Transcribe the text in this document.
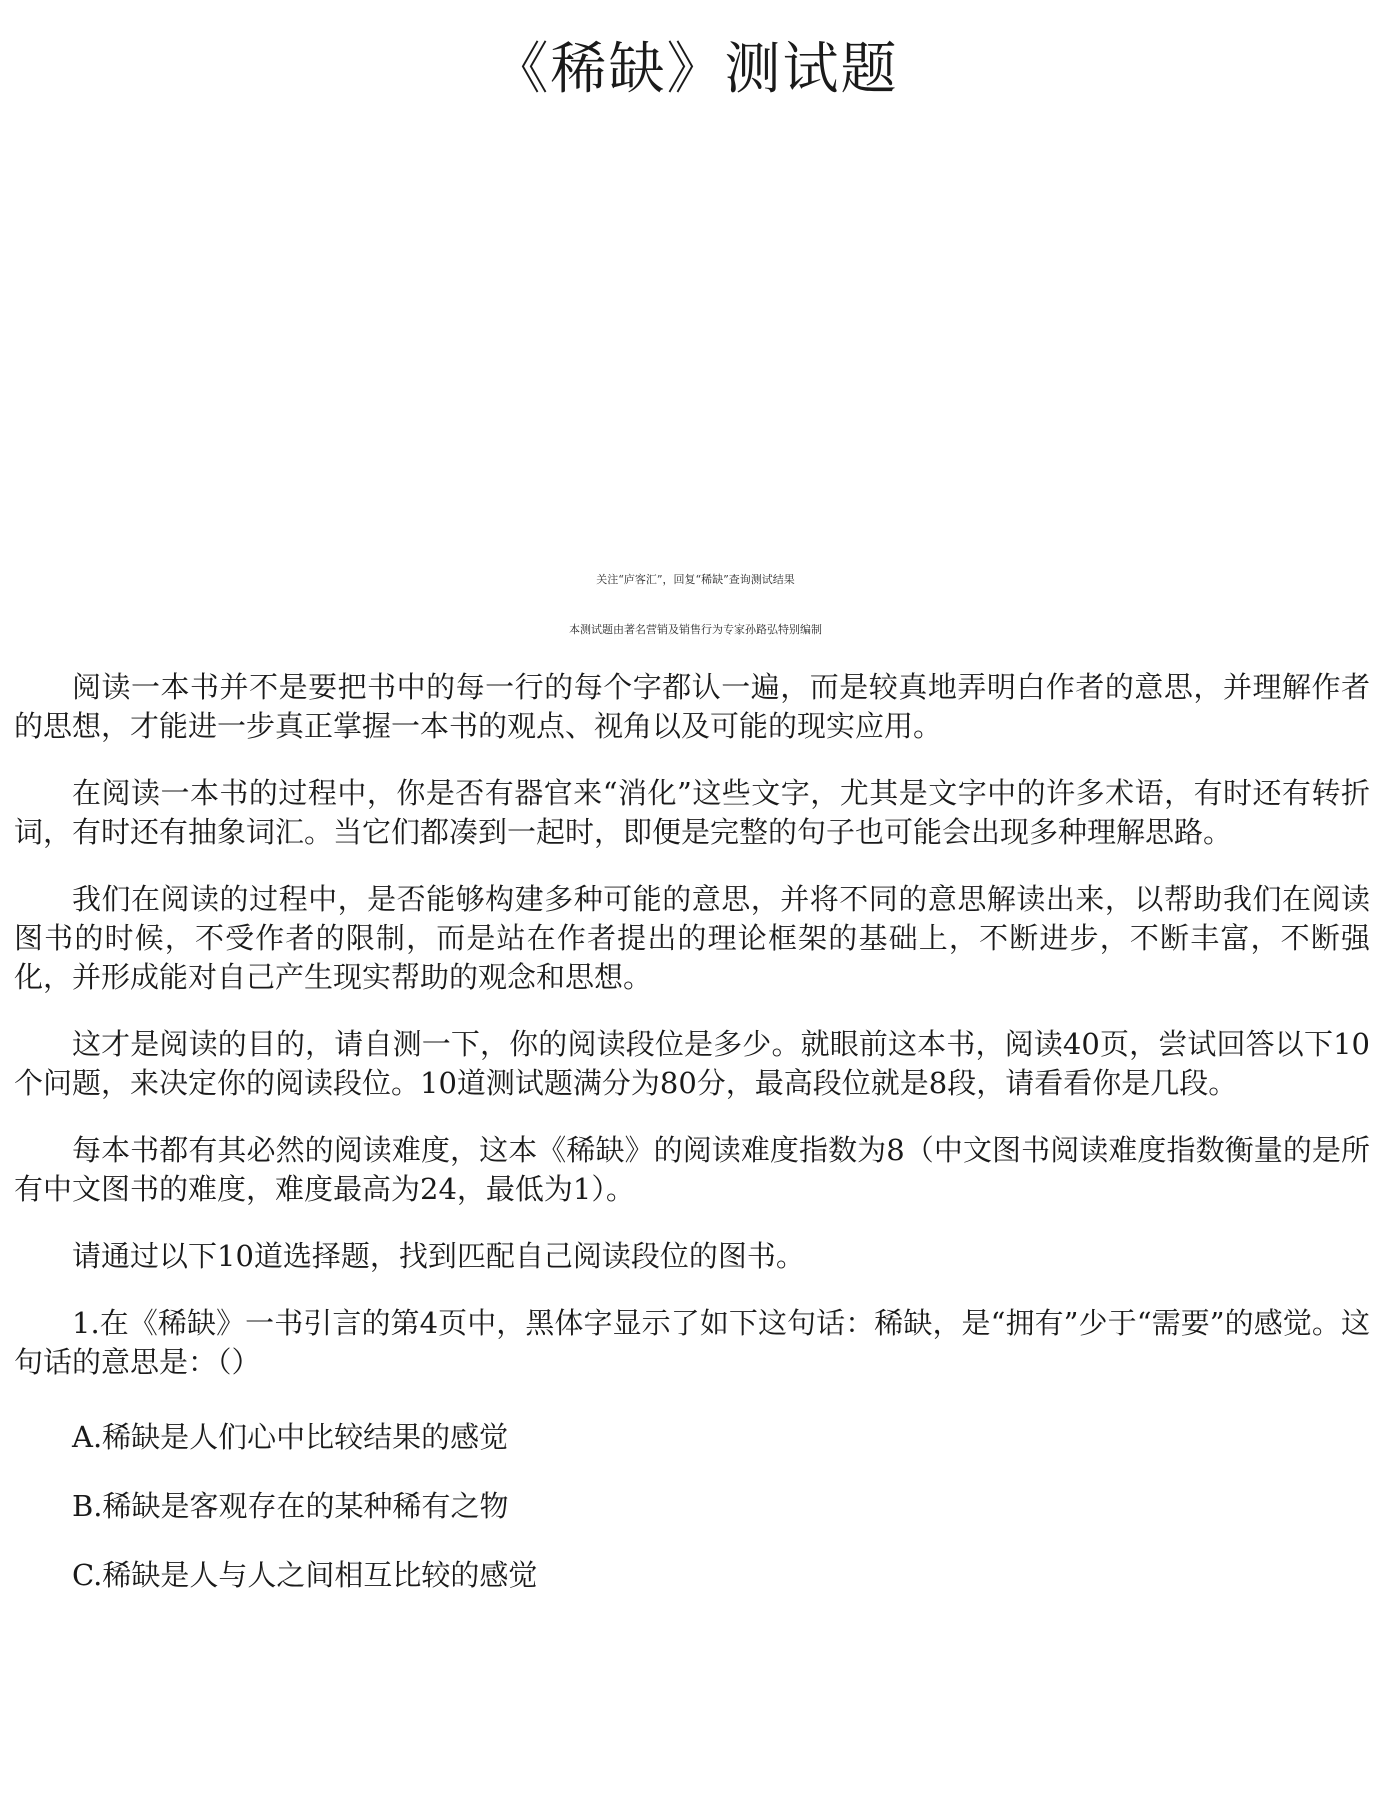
《稀缺》测试题
关注“庐客汇”，回复“稀缺”查询测试结果
本测试题由著名营销及销售行为专家孙路弘特别编制

阅读一本书并不是要把书中的每一行的每个字都认一遍，而是较真地弄明白作者的意思，并理解作者的思想，才能进一步真正掌握一本书的观点、视角以及可能的现实应用。

在阅读一本书的过程中，你是否有器官来“消化”这些文字，尤其是文字中的许多术语，有时还有转折词，有时还有抽象词汇。当它们都凑到一起时，即便是完整的句子也可能会出现多种理解思路。

我们在阅读的过程中，是否能够构建多种可能的意思，并将不同的意思解读出来，以帮助我们在阅读图书的时候，不受作者的限制，而是站在作者提出的理论框架的基础上，不断进步，不断丰富，不断强化，并形成能对自己产生现实帮助的观念和思想。

这才是阅读的目的，请自测一下，你的阅读段位是多少。就眼前这本书，阅读40页，尝试回答以下10个问题，来决定你的阅读段位。10道测试题满分为80分，最高段位就是8段，请看看你是几段。

每本书都有其必然的阅读难度，这本《稀缺》的阅读难度指数为8（中文图书阅读难度指数衡量的是所有中文图书的难度，难度最高为24，最低为1）。

请通过以下10道选择题，找到匹配自己阅读段位的图书。

1.在《稀缺》一书引言的第4页中，黑体字显示了如下这句话：稀缺，是“拥有”少于“需要”的感觉。这句话的意思是：（）

A.稀缺是人们心中比较结果的感觉

B.稀缺是客观存在的某种稀有之物

C.稀缺是人与人之间相互比较的感觉
